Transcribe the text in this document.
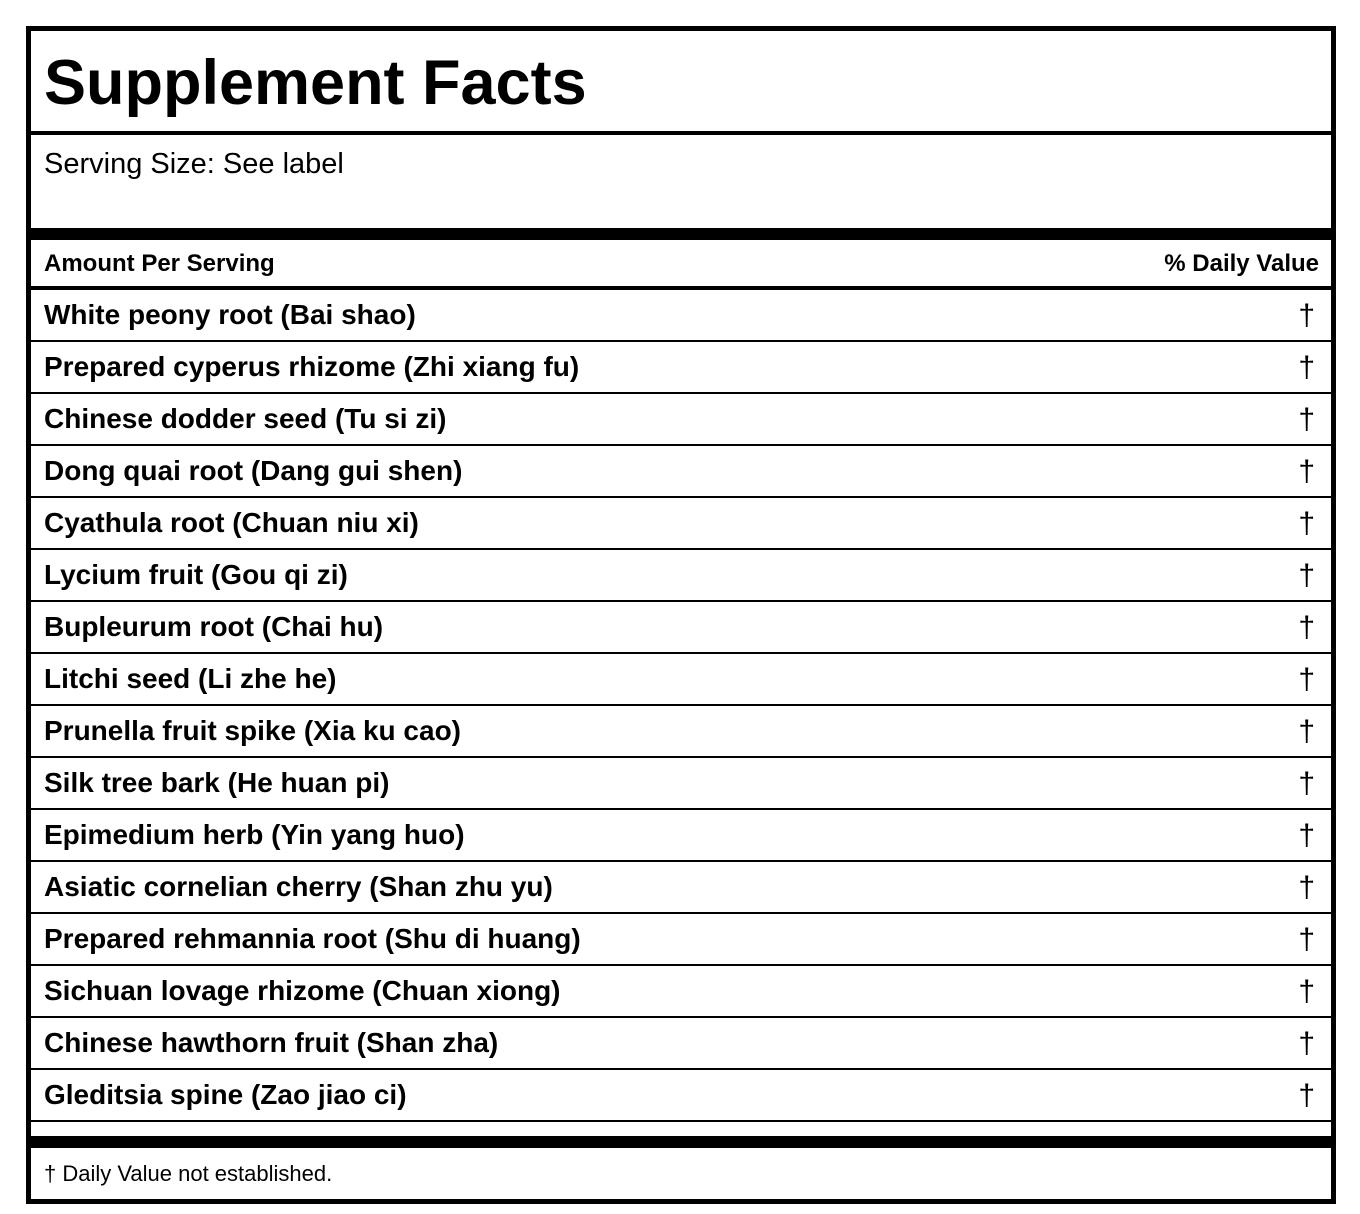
Supplement Facts
Serving Size: See label
Amount Per Serving	% Daily Value
White peony root (Bai shao)	†
Prepared cyperus rhizome (Zhi xiang fu)	†
Chinese dodder seed (Tu si zi)	†
Dong quai root (Dang gui shen)	†
Cyathula root (Chuan niu xi)	†
Lycium fruit (Gou qi zi)	†
Bupleurum root (Chai hu)	†
Litchi seed (Li zhe he)	†
Prunella fruit spike (Xia ku cao)	†
Silk tree bark (He huan pi)	†
Epimedium herb (Yin yang huo)	†
Asiatic cornelian cherry (Shan zhu yu)	†
Prepared rehmannia root (Shu di huang)	†
Sichuan lovage rhizome (Chuan xiong)	†
Chinese hawthorn fruit (Shan zha)	†
Gleditsia spine (Zao jiao ci)	†
† Daily Value not established.
